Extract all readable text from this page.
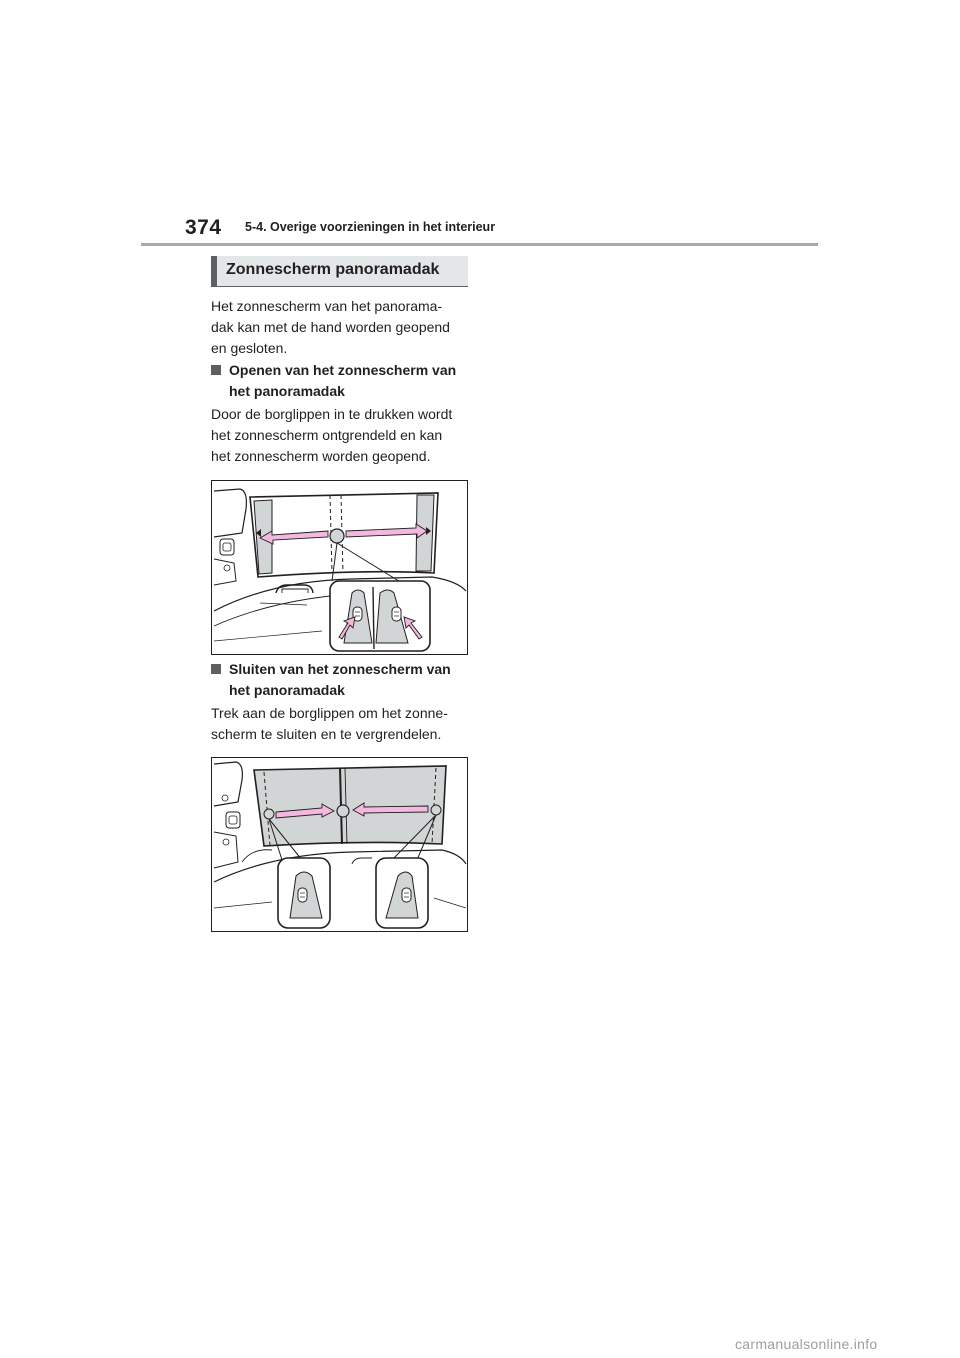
374 5-4. Overige voorzieningen in het interieur
Zonnescherm panoramadak
Het zonnescherm van het panorama-
dak kan met de hand worden geopend
en gesloten.
Openen van het zonnescherm van
het panoramadak
Door de borglippen in te drukken wordt
het zonnescherm ontgrendeld en kan
het zonnescherm worden geopend.
Sluiten van het zonnescherm van
het panoramadak
Trek aan de borglippen om het zonne-
scherm te sluiten en te vergrendelen.
carmanualsonline.info
